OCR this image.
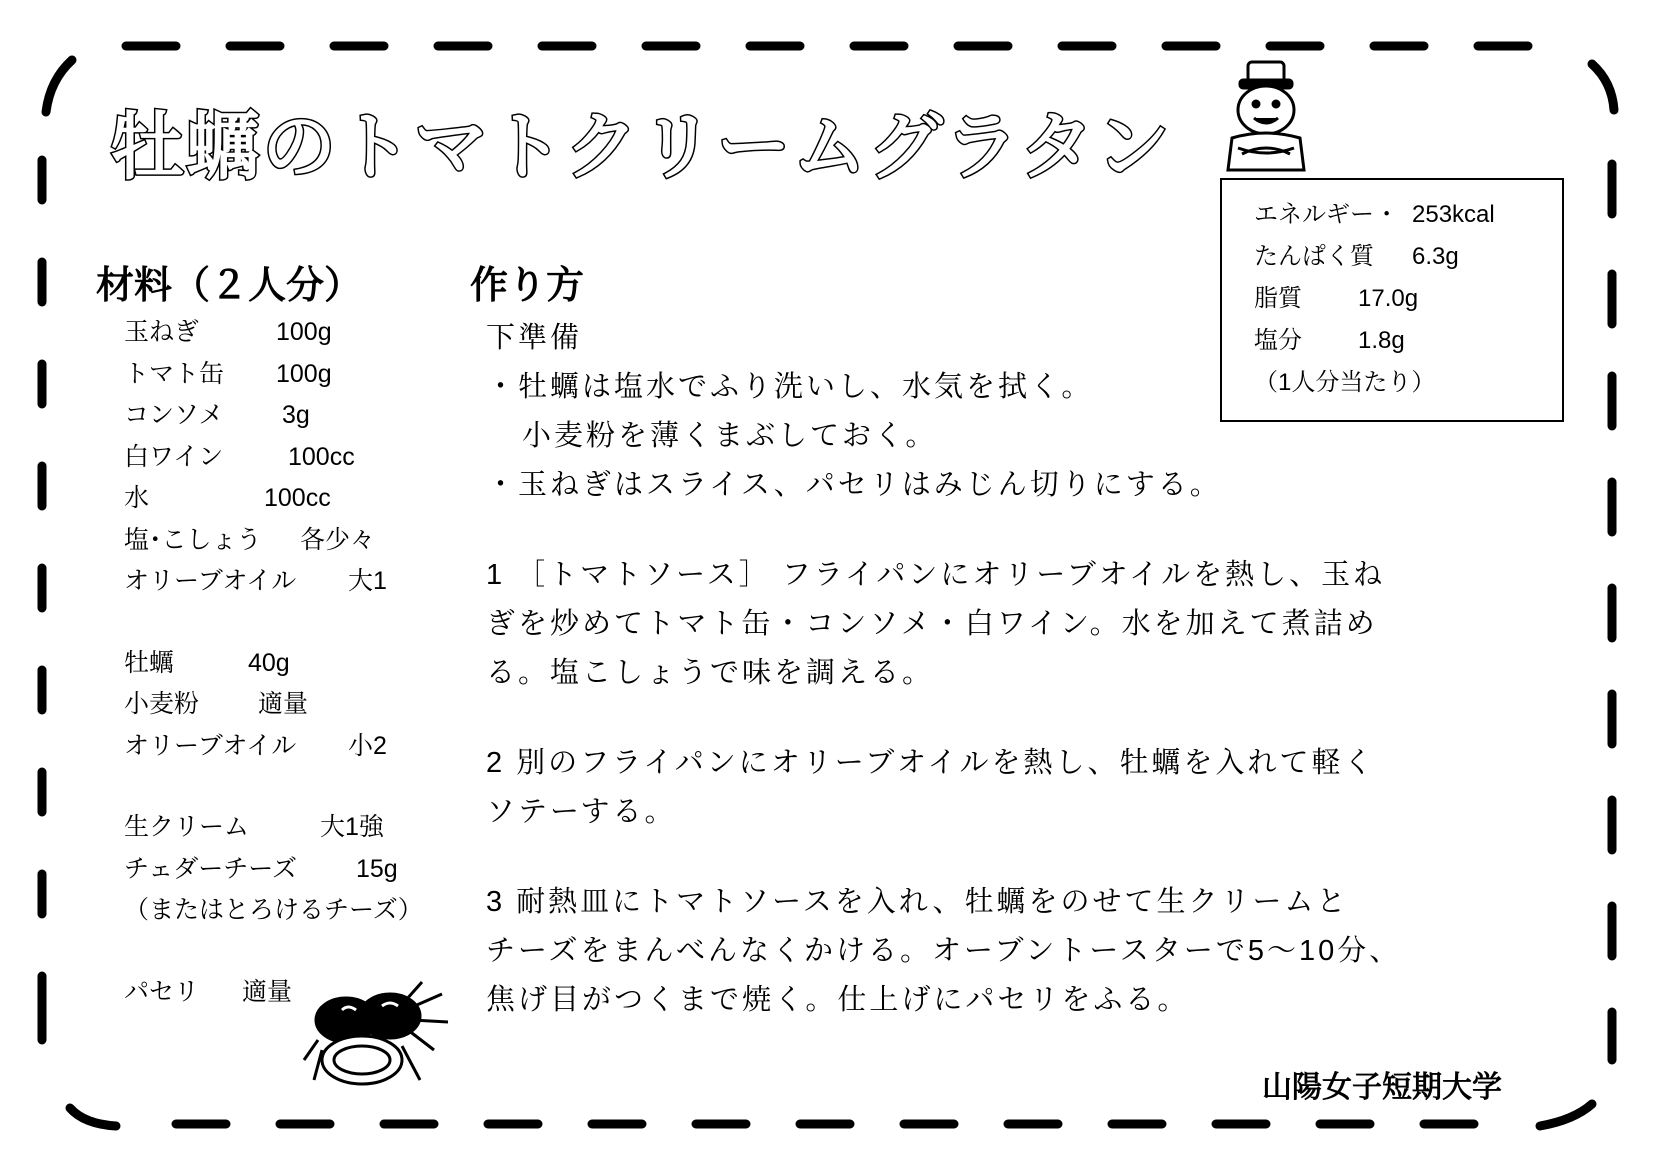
牡蠣のトマトクリームグラタン
エネルギー ･ 253kcal
たんぱく質 6.3g
脂質 17.0g
塩分 1.8g
（1人分当たり）
材料（２人分）	作り方
玉ねぎ	100g
トマト缶 100g
コンソメ 3g
白ワイン	100cc
水	100cc
塩･こしょう 各少々
オリーブオイル 大1
牡蠣	40g
小麦粉 適量
オリーブオイル 小2
生クリーム	大1強
チェダーチーズ 15g
（またはとろけるチーズ）
パセリ 適量
下準備
・牡蠣は塩水でふり洗いし、水気を拭く。
小麦粉を薄くまぶしておく。
・玉ねぎはスライス、パセリはみじん切りにする。
1 ［トマトソース］ フライパンにオリーブオイルを熱し、玉ね
ぎを炒めてトマト缶・コンソメ・白ワイン。水を加えて煮詰め
る。塩こしょうで味を調える。
2 別のフライパンにオリーブオイルを熱し、牡蠣を入れて軽く
ソテーする。
3 耐熱皿にトマトソースを入れ、牡蠣をのせて生クリームと
チーズをまんべんなくかける。オーブントースターで5～10分、
焦げ目がつくまで焼く。仕上げにパセリをふる。
山陽女子短期大学
